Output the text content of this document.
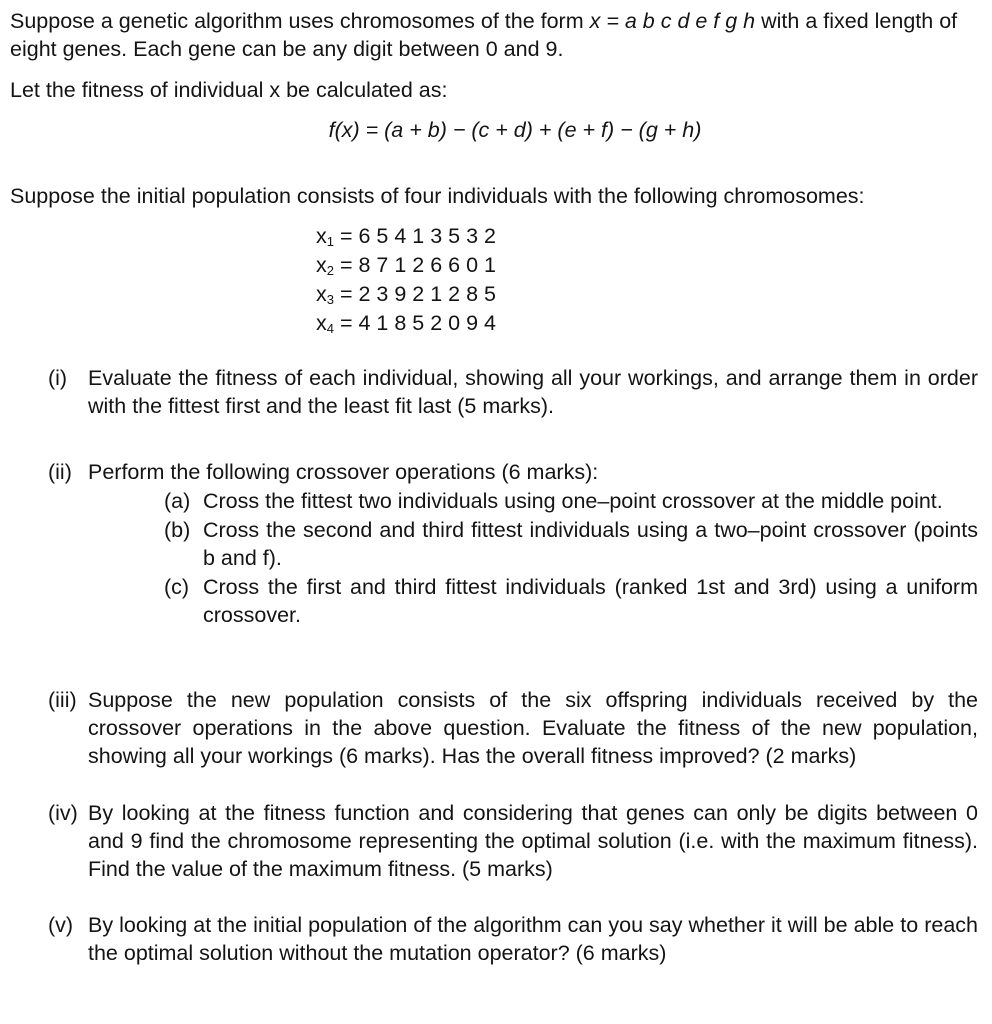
Suppose a genetic algorithm uses chromosomes of the form x = a b c d e f g h with a fixed length of eight genes. Each gene can be any digit between 0 and 9.

Let the fitness of individual x be calculated as:

f(x) = (a + b) − (c + d) + (e + f) − (g + h)

Suppose the initial population consists of four individuals with the following chromosomes:

$x_1 = 6$ 5 4 1 3 5 3 2
$x_2 = 8$ 7 1 2 6 6 0 1
$x_3 = 2$ 3 9 2 1 2 8 5
$x_4 = 4$ 1 8 5 2 0 9 4
(i) Evaluate the fitness of each individual, showing all your workings, and arrange them in order with the fittest first and the least fit last (5 marks).
(ii) Perform the following crossover operations (6 marks):
(a) Cross the fittest two individuals using one–point crossover at the middle point.
(b) Cross the second and third fittest individuals using a two–point crossover (points b and f).
(c) Cross the first and third fittest individuals (ranked 1st and 3rd) using a uniform crossover.
(iii) Suppose the new population consists of the six offspring individuals received by the crossover operations in the above question. Evaluate the fitness of the new population, showing all your workings (6 marks). Has the overall fitness improved? (2 marks)
(iv) By looking at the fitness function and considering that genes can only be digits between 0 and 9 find the chromosome representing the optimal solution (i.e. with the maximum fitness). Find the value of the maximum fitness. (5 marks)
(v) By looking at the initial population of the algorithm can you say whether it will be able to reach the optimal solution without the mutation operator? (6 marks)
